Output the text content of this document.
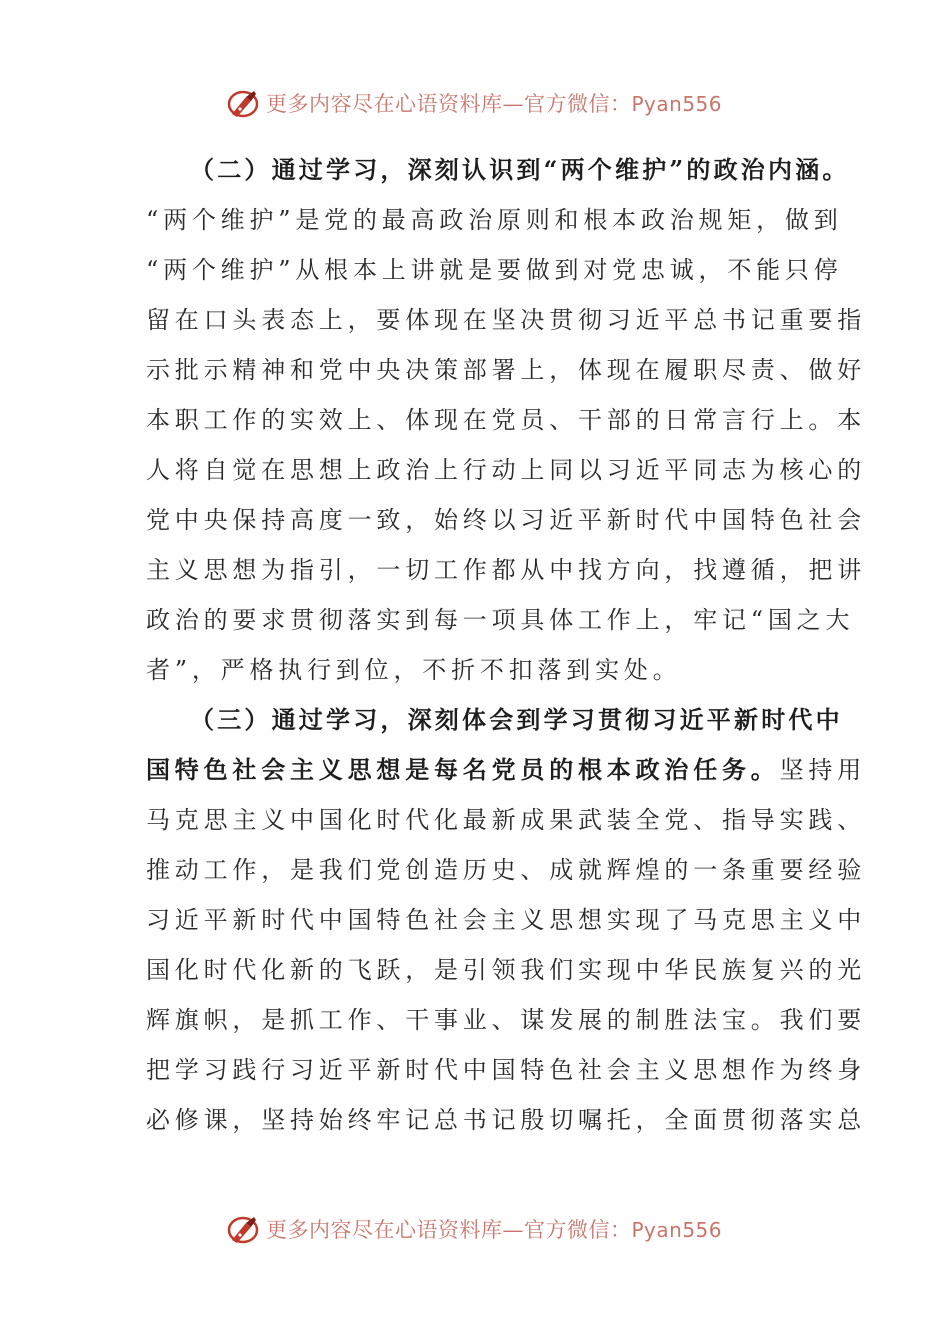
更多内容尽在心语资料库—官方微信：Pyan556
（二）通过学习，深刻认识到“两个维护”的政治内涵。
“两个维护”是党的最高政治原则和根本政治规矩，做到
“两个维护”从根本上讲就是要做到对党忠诚，不能只停
留在口头表态上，要体现在坚决贯彻习近平总书记重要指
示批示精神和党中央决策部署上，体现在履职尽责、做好
本职工作的实效上、体现在党员、干部的日常言行上。本
人将自觉在思想上政治上行动上同以习近平同志为核心的
党中央保持高度一致，始终以习近平新时代中国特色社会
主义思想为指引，一切工作都从中找方向，找遵循，把讲
政治的要求贯彻落实到每一项具体工作上，牢记“国之大
者”，严格执行到位，不折不扣落到实处。
（三）通过学习，深刻体会到学习贯彻习近平新时代中
国特色社会主义思想是每名党员的根本政治任务。坚持用
马克思主义中国化时代化最新成果武装全党、指导实践、
推动工作，是我们党创造历史、成就辉煌的一条重要经验
习近平新时代中国特色社会主义思想实现了马克思主义中
国化时代化新的飞跃，是引领我们实现中华民族复兴的光
辉旗帜，是抓工作、干事业、谋发展的制胜法宝。我们要
把学习践行习近平新时代中国特色社会主义思想作为终身
必修课，坚持始终牢记总书记殷切嘱托，全面贯彻落实总
更多内容尽在心语资料库—官方微信：Pyan556
